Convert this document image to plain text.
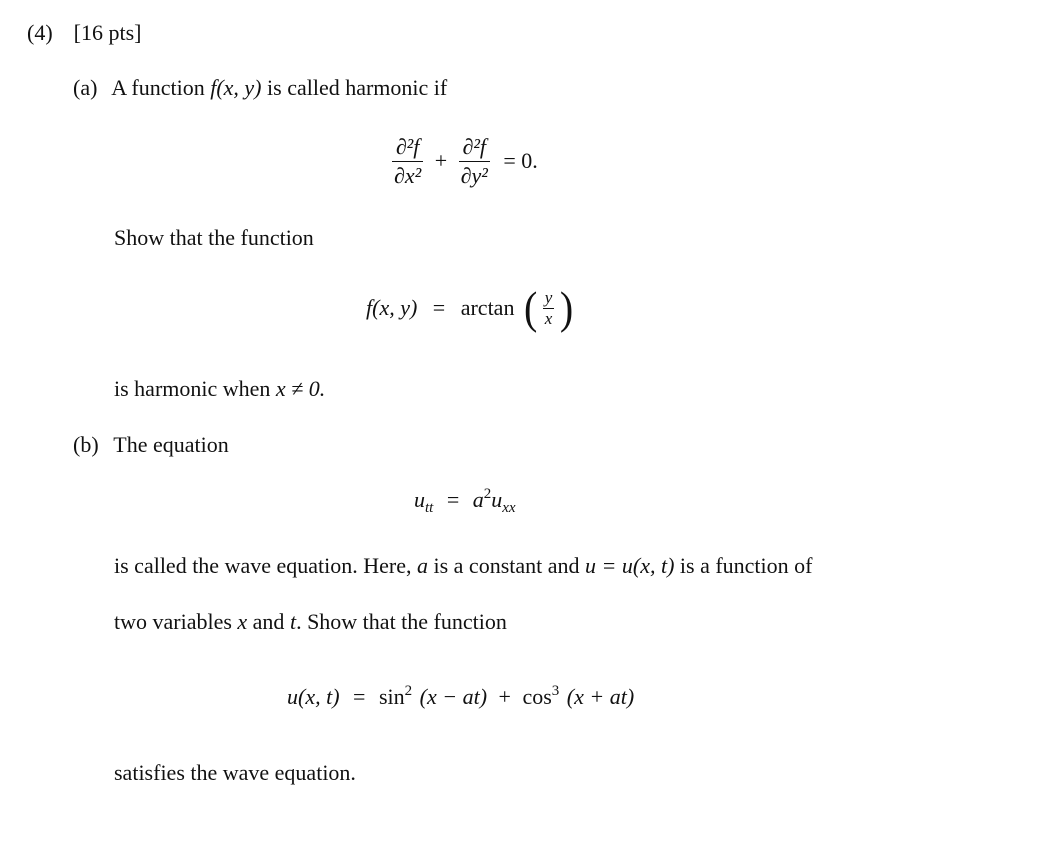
(4) [16 pts]
(a) A function f(x, y) is called harmonic if
$\frac{\text{∂²f}}{\text{∂x²}} + \frac{\text{∂²f}}{\text{∂y²}} = 0$.
Show that the function
f(x, y) = arctan ( $\frac{y}{x}$ )
is harmonic when x ≠ 0.
(b) The equation
$u_{tt} = a^2u_{xx}$
is called the wave equation. Here, a is a constant and u = u(x, t) is a function of
two variables x and t. Show that the function
u(x, $t) = \sin^2 (x - at) + \cos^3 (x + at)$
satisfies the wave equation.
